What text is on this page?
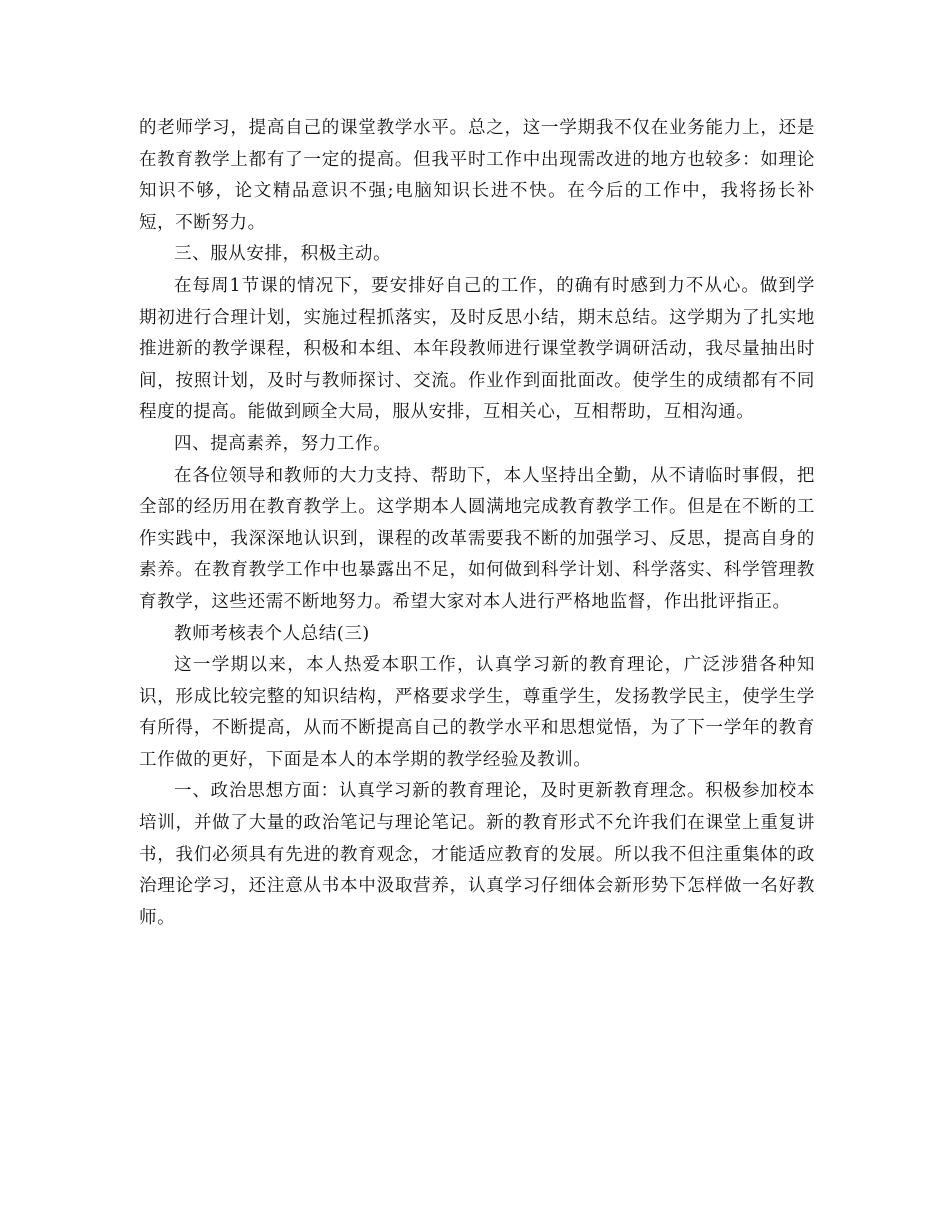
的老师学习，提高自己的课堂教学水平。总之，这一学期我不仅在业务能力上，还是在教育教学上都有了一定的提高。但我平时工作中出现需改进的地方也较多：如理论知识不够，论文精品意识不强;电脑知识长进不快。在今后的工作中，我将扬长补短，不断努力。

三、服从安排，积极主动。

在每周1节课的情况下，要安排好自己的工作，的确有时感到力不从心。做到学期初进行合理计划，实施过程抓落实，及时反思小结，期末总结。这学期为了扎实地推进新的教学课程，积极和本组、本年段教师进行课堂教学调研活动，我尽量抽出时间，按照计划，及时与教师探讨、交流。作业作到面批面改。使学生的成绩都有不同程度的提高。能做到顾全大局，服从安排，互相关心，互相帮助，互相沟通。

四、提高素养，努力工作。

在各位领导和教师的大力支持、帮助下，本人坚持出全勤，从不请临时事假，把全部的经历用在教育教学上。这学期本人圆满地完成教育教学工作。但是在不断的工作实践中，我深深地认识到，课程的改革需要我不断的加强学习、反思，提高自身的素养。在教育教学工作中也暴露出不足，如何做到科学计划、科学落实、科学管理教育教学，这些还需不断地努力。希望大家对本人进行严格地监督，作出批评指正。

教师考核表个人总结(三)

这一学期以来，本人热爱本职工作，认真学习新的教育理论，广泛涉猎各种知识，形成比较完整的知识结构，严格要求学生，尊重学生，发扬教学民主，使学生学有所得，不断提高，从而不断提高自己的教学水平和思想觉悟，为了下一学年的教育工作做的更好，下面是本人的本学期的教学经验及教训。

一、政治思想方面：认真学习新的教育理论，及时更新教育理念。积极参加校本培训，并做了大量的政治笔记与理论笔记。新的教育形式不允许我们在课堂上重复讲书，我们必须具有先进的教育观念，才能适应教育的发展。所以我不但注重集体的政治理论学习，还注意从书本中汲取营养，认真学习仔细体会新形势下怎样做一名好教师。
